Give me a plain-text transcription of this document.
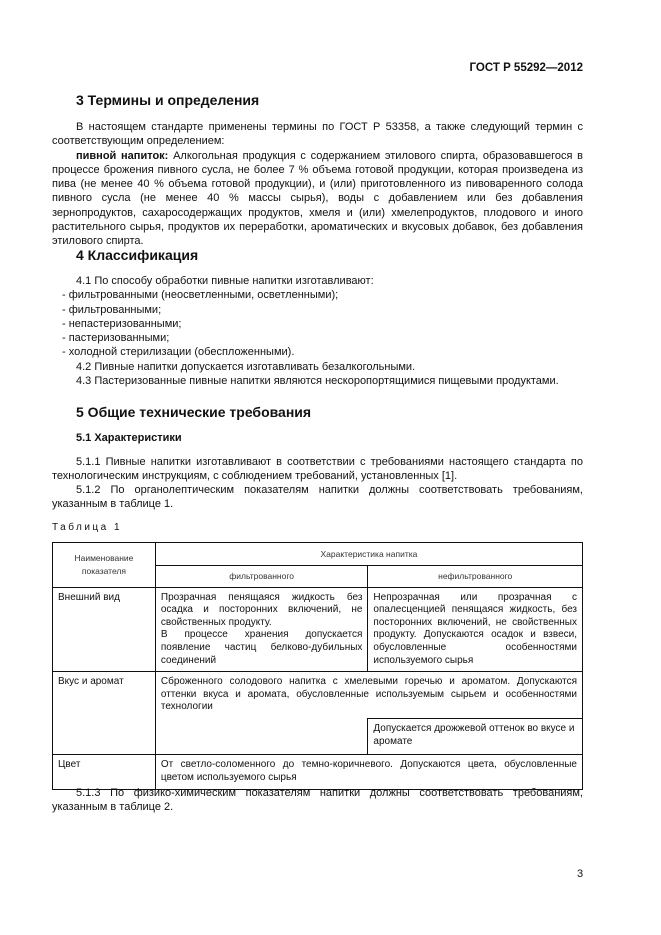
ГОСТ Р 55292—2012
3 Термины и определения

В настоящем стандарте применены термины по ГОСТ Р 53358, а также следующий термин с соответствующим определением:

пивной напиток: Алкогольная продукция с содержанием этилового спирта, образовавшегося в процессе брожения пивного сусла, не более 7 % объема готовой продукции, которая произведена из пива (не менее 40 % объема готовой продукции), и (или) приготовленного из пивоваренного солода пивного сусла (не менее 40 % массы сырья), воды с добавлением или без добавления зернопродуктов, сахаросодержащих продуктов, хмеля и (или) хмелепродуктов, плодового и иного растительного сырья, продуктов их переработки, ароматических и вкусовых добавок, без добавления этилового спирта.

4 Классификация

4.1 По способу обработки пивные напитки изготавливают:

- фильтрованными (неосветленными, осветленными);

- фильтрованными;

- непастеризованными;

- пастеризованными;

- холодной стерилизации (обеспложенными).

4.2 Пивные напитки допускается изготавливать безалкогольными.

4.3 Пастеризованные пивные напитки являются нескоропортящимися пищевыми продуктами.

5 Общие технические требования
5.1 Характеристики

5.1.1 Пивные напитки изготавливают в соответствии с требованиями настоящего стандарта по технологическим инструкциям, с соблюдением требований, установленных [1].

5.1.2 По органолептическим показателям напитки должны соответствовать требованиям, указанным в таблице 1.

Таблица 1
Наименование показателя	Характеристика напитка	
	фильтрованного	нефильтрованного
Внешний вид	Прозрачная пенящаяся жидкость без осадка и посторонних включений, не свойственных продукту.
В процессе хранения допускается появление частиц белково-дубильных соединений	Непрозрачная или прозрачная с опалесценцией пенящаяся жидкость, без посторонних включений, не свойственных продукту. Допускаются осадок и взвеси, обусловленные особенностями используемого сырья
Вкус и аромат	Сброженного солодового напитка с хмелевыми горечью и ароматом. Допускаются оттенки вкуса и аромата, обусловленные используемым сырьем и особенностями технологии	
		Допускается дрожжевой оттенок во вкусе и аромате
Цвет	От светло-соломенного до темно-коричневого. Допускаются цвета, обусловленные цветом используемого сырья	

5.1.3 По физико-химическим показателям напитки должны соответствовать требованиям, указанным в таблице 2.

3
